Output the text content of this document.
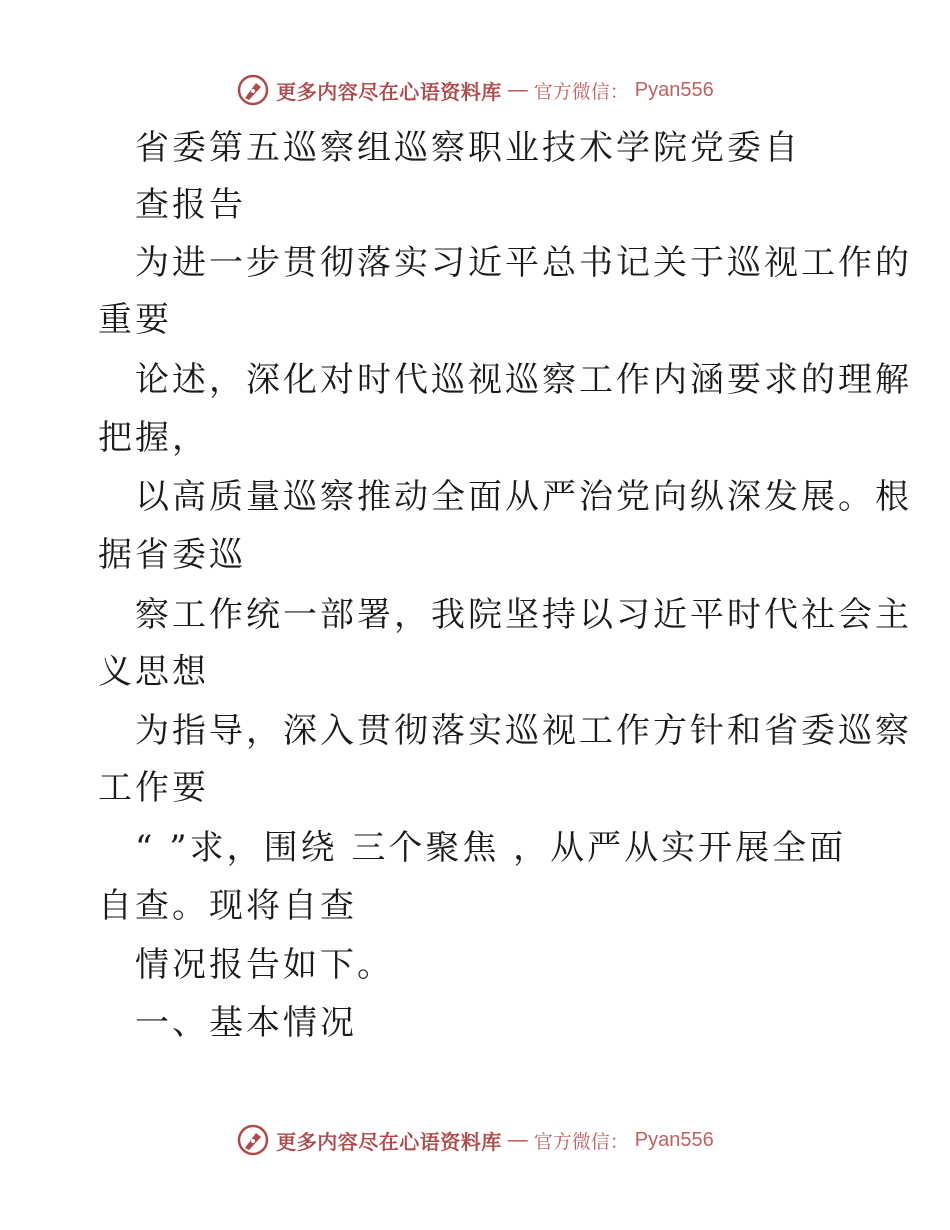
更多内容尽在心语资料库 — 官方微信： Pyan556
省委第五巡察组巡察职业技术学院党委自
查报告
为进一步贯彻落实习近平总书记关于巡视工作的
重要
论述，深化对时代巡视巡察工作内涵要求的理解
把握，
以高质量巡察推动全面从严治党向纵深发展。根
据省委巡
察工作统一部署，我院坚持以习近平时代社会主
义思想
为指导，深入贯彻落实巡视工作方针和省委巡察
工作要
“ ”求，围绕 三个聚焦 ，从严从实开展全面
自查。现将自查
情况报告如下。
一、基本情况
更多内容尽在心语资料库 — 官方微信： Pyan556
